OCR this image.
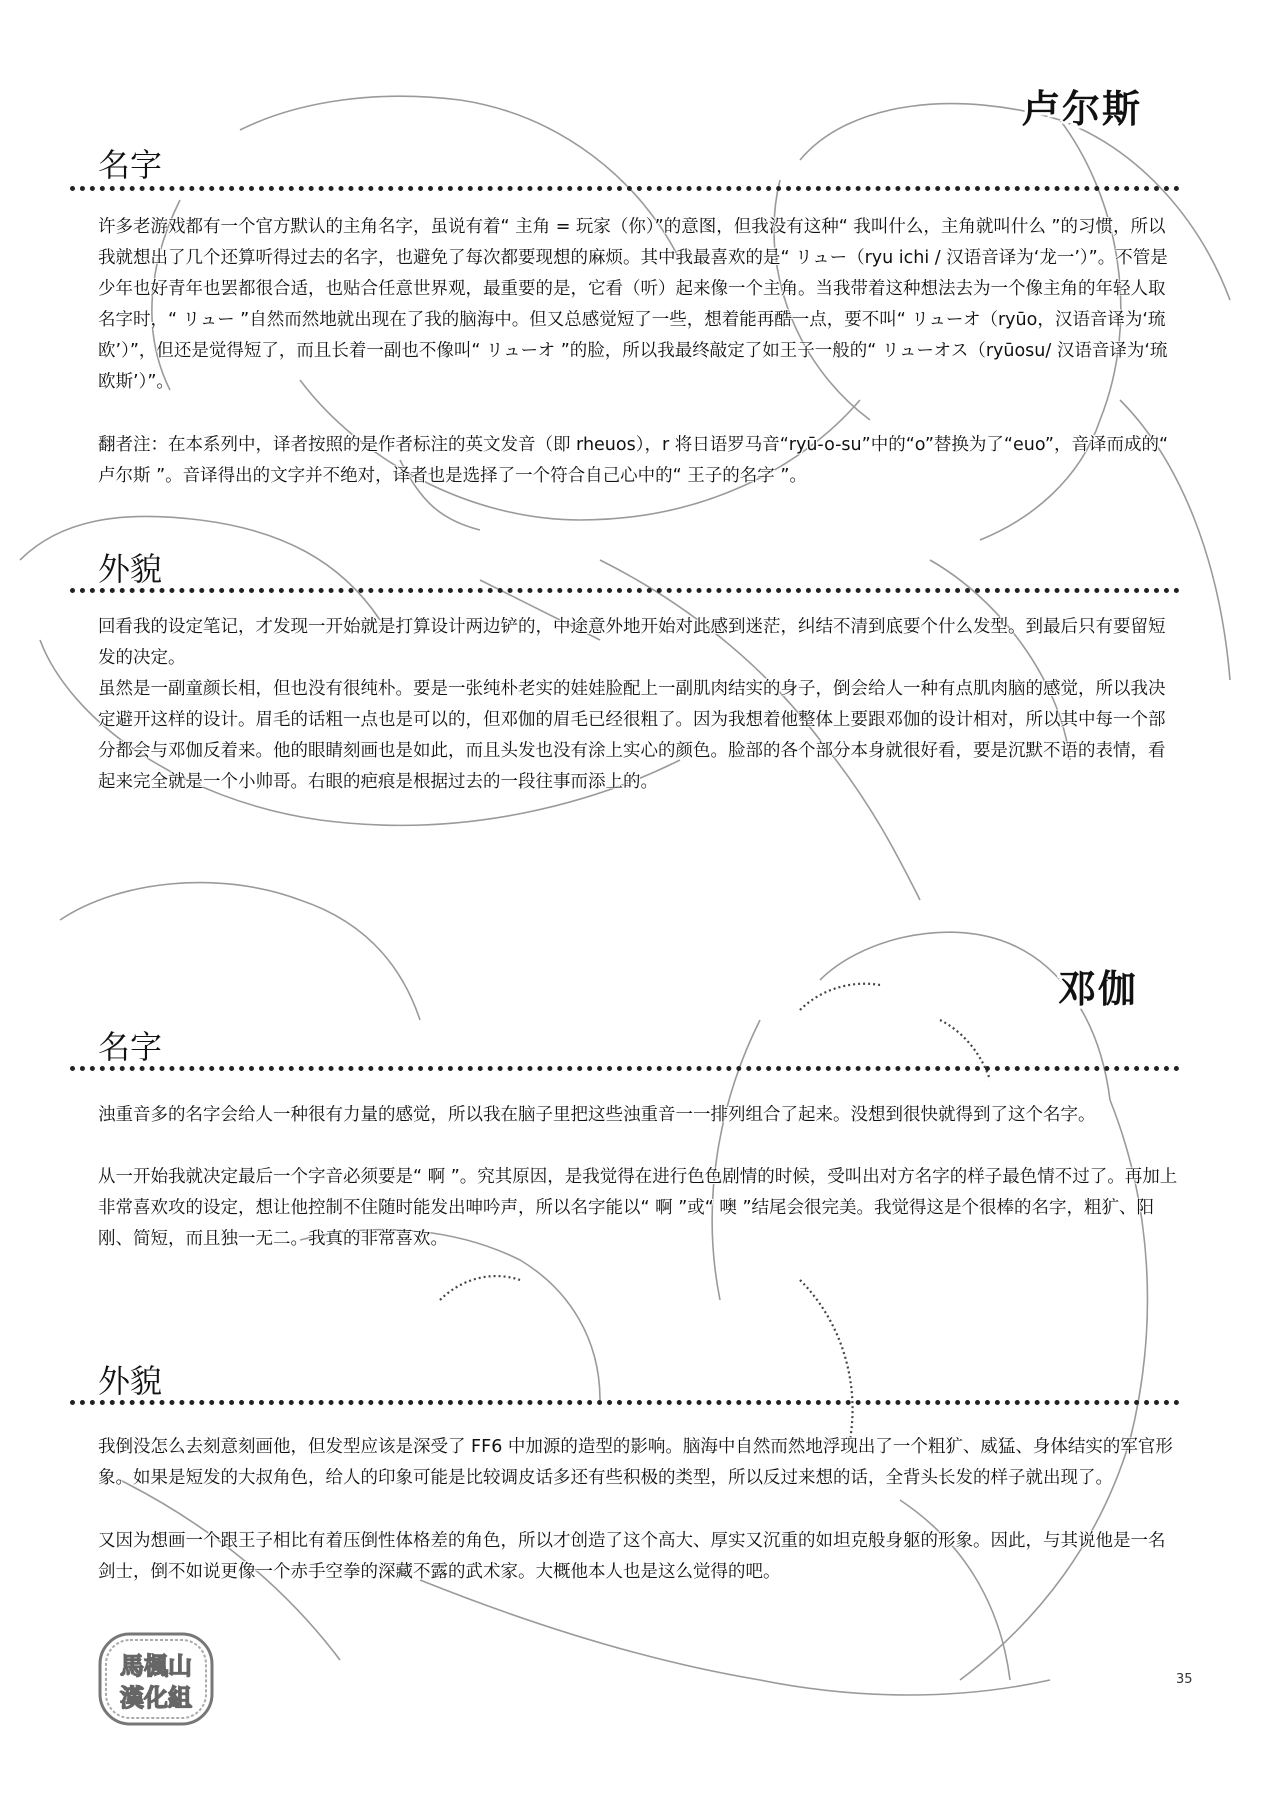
卢尔斯
名字

许多老游戏都有一个官方默认的主角名字，虽说有着“ 主角 = 玩家（你）”的意图，但我没有这种“ 我叫什么，主角就叫什么 ”的习惯，所以我就想出了几个还算听得过去的名字，也避免了每次都要现想的麻烦。其中我最喜欢的是“ リュー（ryu ichi / 汉语音译为‘龙一’）”。不管是少年也好青年也罢都很合适，也贴合任意世界观，最重要的是，它看（听）起来像一个主角。当我带着这种想法去为一个像主角的年轻人取名字时，“ リュー ”自然而然地就出现在了我的脑海中。但又总感觉短了一些，想着能再酷一点，要不叫“ リューオ（ryūo，汉语音译为‘琉欧’）”，但还是觉得短了，而且长着一副也不像叫“ リューオ ”的脸，所以我最终敲定了如王子一般的“ リューオス（ryūosu/ 汉语音译为‘琉欧斯’）”。

翻者注：在本系列中，译者按照的是作者标注的英文发音（即 rheuos），r 将日语罗马音“ryū-o-su”中的“o”替换为了“euo”，音译而成的“ 卢尔斯 ”。音译得出的文字并不绝对，译者也是选择了一个符合自己心中的“ 王子的名字 ”。

外貌

回看我的设定笔记，才发现一开始就是打算设计两边铲的，中途意外地开始对此感到迷茫，纠结不清到底要个什么发型。到最后只有要留短发的决定。

虽然是一副童颜长相，但也没有很纯朴。要是一张纯朴老实的娃娃脸配上一副肌肉结实的身子，倒会给人一种有点肌肉脑的感觉，所以我决定避开这样的设计。眉毛的话粗一点也是可以的，但邓伽的眉毛已经很粗了。因为我想着他整体上要跟邓伽的设计相对，所以其中每一个部分都会与邓伽反着来。他的眼睛刻画也是如此，而且头发也没有涂上实心的颜色。脸部的各个部分本身就很好看，要是沉默不语的表情，看起来完全就是一个小帅哥。右眼的疤痕是根据过去的一段往事而添上的。

邓伽
名字

浊重音多的名字会给人一种很有力量的感觉，所以我在脑子里把这些浊重音一一排列组合了起来。没想到很快就得到了这个名字。

从一开始我就决定最后一个字音必须要是“ 啊 ”。究其原因，是我觉得在进行色色剧情的时候，受叫出对方名字的样子最色情不过了。再加上非常喜欢攻的设定，想让他控制不住随时能发出呻吟声，所以名字能以“ 啊 ”或“ 噢 ”结尾会很完美。我觉得这是个很棒的名字，粗犷、阳刚、简短，而且独一无二。我真的非常喜欢。

外貌

我倒没怎么去刻意刻画他，但发型应该是深受了 FF6 中加源的造型的影响。脑海中自然而然地浮现出了一个粗犷、威猛、身体结实的军官形象。如果是短发的大叔角色，给人的印象可能是比较调皮话多还有些积极的类型，所以反过来想的话，全背头长发的样子就出现了。

又因为想画一个跟王子相比有着压倒性体格差的角色，所以才创造了这个高大、厚实又沉重的如坦克般身躯的形象。因此，与其说他是一名剑士，倒不如说更像一个赤手空拳的深藏不露的武术家。大概他本人也是这么觉得的吧。

馬楓山
漢化組
35
